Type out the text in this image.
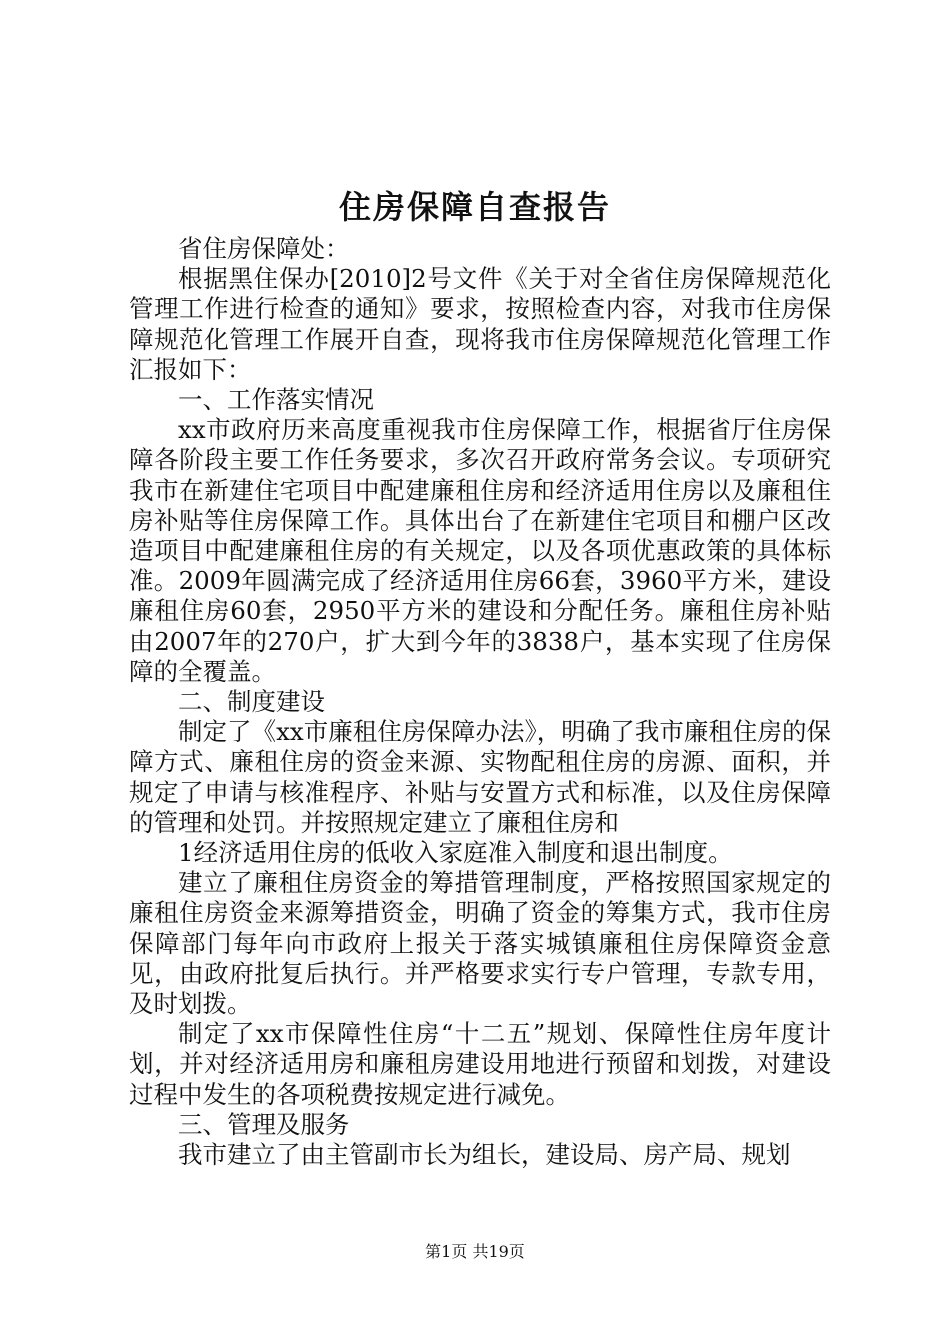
住房保障自查报告

省住房保障处：

根据黑住保办[2010]2号文件《关于对全省住房保障规范化管理工作进行检查的通知》要求，按照检查内容，对我市住房保障规范化管理工作展开自查，现将我市住房保障规范化管理工作汇报如下：

一、工作落实情况

xx市政府历来高度重视我市住房保障工作，根据省厅住房保障各阶段主要工作任务要求，多次召开政府常务会议。专项研究我市在新建住宅项目中配建廉租住房和经济适用住房以及廉租住房补贴等住房保障工作。具体出台了在新建住宅项目和棚户区改造项目中配建廉租住房的有关规定，以及各项优惠政策的具体标准。2009年圆满完成了经济适用住房66套，3960平方米，建设廉租住房60套，2950平方米的建设和分配任务。廉租住房补贴由2007年的270户，扩大到今年的3838户，基本实现了住房保障的全覆盖。

二、制度建设

制定了《xx市廉租住房保障办法》，明确了我市廉租住房的保障方式、廉租住房的资金来源、实物配租住房的房源、面积，并规定了申请与核准程序、补贴与安置方式和标准，以及住房保障的管理和处罚。并按照规定建立了廉租住房和

1经济适用住房的低收入家庭准入制度和退出制度。

建立了廉租住房资金的筹措管理制度，严格按照国家规定的廉租住房资金来源筹措资金，明确了资金的筹集方式，我市住房保障部门每年向市政府上报关于落实城镇廉租住房保障资金意见，由政府批复后执行。并严格要求实行专户管理，专款专用，及时划拨。

制定了xx市保障性住房“十二五”规划、保障性住房年度计划，并对经济适用房和廉租房建设用地进行预留和划拨，对建设过程中发生的各项税费按规定进行减免。

三、管理及服务

我市建立了由主管副市长为组长，建设局、房产局、规划

第1页 共19页
